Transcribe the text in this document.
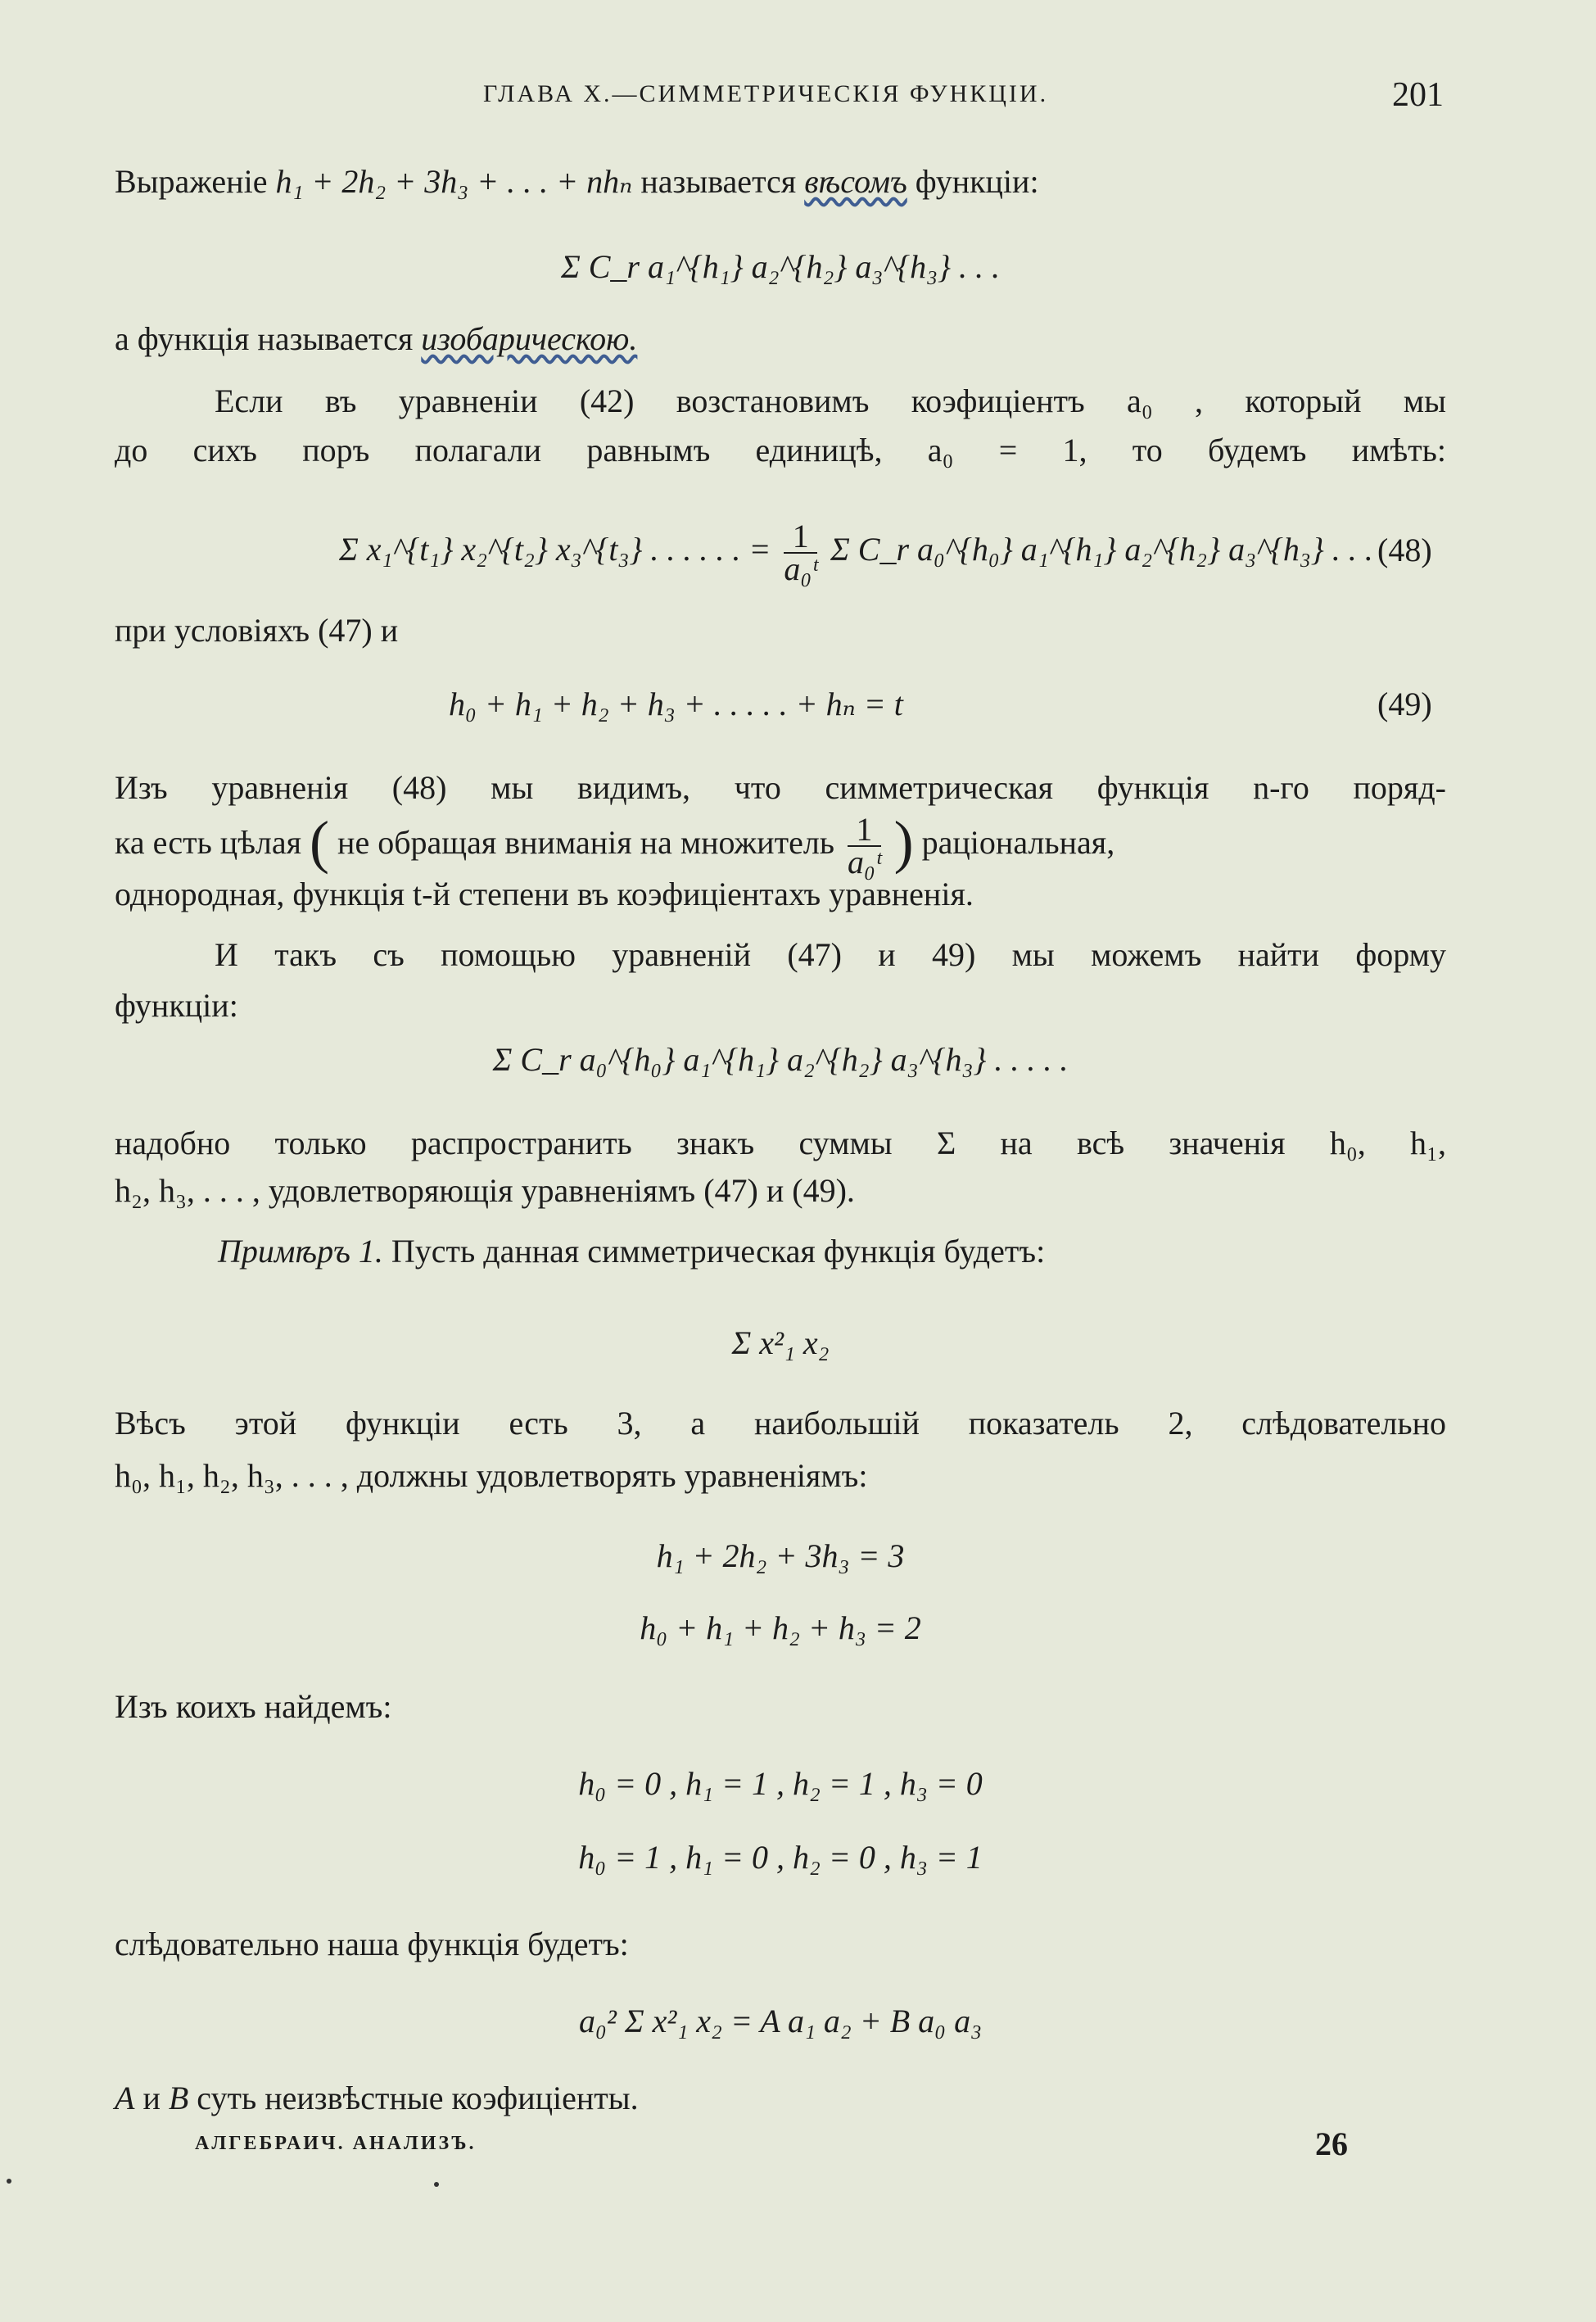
ГЛАВА X.—СИММЕТРИЧЕСКІЯ ФУНКЦІИ.	201
Выраженіе h₁ + 2h₂ + 3h₃ + . . . + nhₙ называется вѣсомъ функціи:
Σ C_r a₁^{h₁} a₂^{h₂} a₃^{h₃} . . .
а функція называется изобарическою.
Если въ уравненіи (42) возстановимъ коэфиціентъ a₀ , который мы
до сихъ поръ полагали равнымъ единицѣ, a₀ = 1, то будемъ имѣть:
Σ x₁^{t₁} x₂^{t₂} x₃^{t₃} . . . . . . = $\frac{1}{\text{a₀ᵗ}}$ Σ C_r a₀^{h₀} a₁^{h₁} a₂^{h₂} a₃^{h₃} . . . (48)
при условіяхъ (47) и
h₀ + h₁ + h₂ + h₃ + . . . . . + hₙ = t	(49)
Изъ уравненія (48) мы видимъ, что симметрическая функція n-го поряд-
ка есть цѣлая ( не обращая вниманія на множитель $\frac{1}{\text{a₀ᵗ}}$ ) раціональная,
однородная, функція t-й степени въ коэфиціентахъ уравненія.
И такъ съ помощью уравненій (47) и 49) мы можемъ найти форму
функціи:
Σ C_r a₀^{h₀} a₁^{h₁} a₂^{h₂} a₃^{h₃} . . . . .
надобно только распространить знакъ суммы Σ на всѣ значенія h₀, h₁,
h₂, h₃, . . . , удовлетворяющія уравненіямъ (47) и (49).
Примѣръ 1. Пусть данная симметрическая функція будетъ:
Σ x²₁ x₂
Вѣсъ этой функціи есть 3, а наибольшій показатель 2, слѣдовательно
h₀, h₁, h₂, h₃, . . . , должны удовлетворять уравненіямъ:
h₁ + 2h₂ + 3h₃ = 3
h₀ + h₁ + h₂ + h₃ = 2
Изъ коихъ найдемъ:
h₀ = 0 , h₁ = 1 , h₂ = 1 , h₃ = 0
h₀ = 1 , h₁ = 0 , h₂ = 0 , h₃ = 1
слѣдовательно наша функція будетъ:
a₀² Σ x²₁ x₂ = A a₁ a₂ + B a₀ a₃
A и B суть неизвѣстные коэфиціенты.
АЛГЕБРАИЧ. АНАЛИЗЪ.	26
